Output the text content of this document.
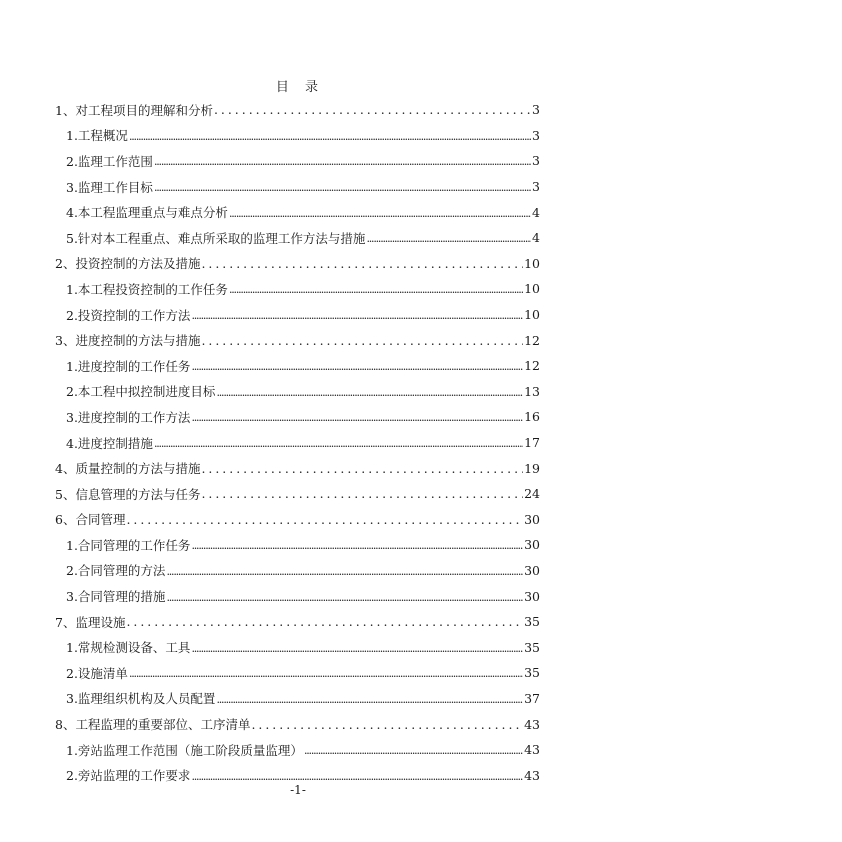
目 录
1、对工程项目的理解和分析 . . .	3
1.工程概况 .....	3
2.监理工作范围 .....	3
3.监理工作目标 .....	3
4.本工程监理重点与难点分析 .....	4
5.针对本工程重点、难点所采取的监理工作方法与措施 .....	4
2、投资控制的方法及措施 . . .	10
1.本工程投资控制的工作任务 .....	10
2.投资控制的工作方法 .....	10
3、进度控制的方法与措施 . . .	12
1.进度控制的工作任务 .....	12
2.本工程中拟控制进度目标 .....	13
3.进度控制的工作方法 .....	16
4.进度控制措施 .....	17
4、质量控制的方法与措施 . . .	19
5、信息管理的方法与任务 . . .	24
6、合同管理 . . .	30
1.合同管理的工作任务 .....	30
2.合同管理的方法 .....	30
3.合同管理的措施 .....	30
7、监理设施 . . .	35
1.常规检测设备、工具 .....	35
2.设施清单 .....	35
3.监理组织机构及人员配置 .....	37
8、工程监理的重要部位、工序清单 . . .	43
1.旁站监理工作范围（施工阶段质量监理） .....	43
2.旁站监理的工作要求 .....	43
-1-
